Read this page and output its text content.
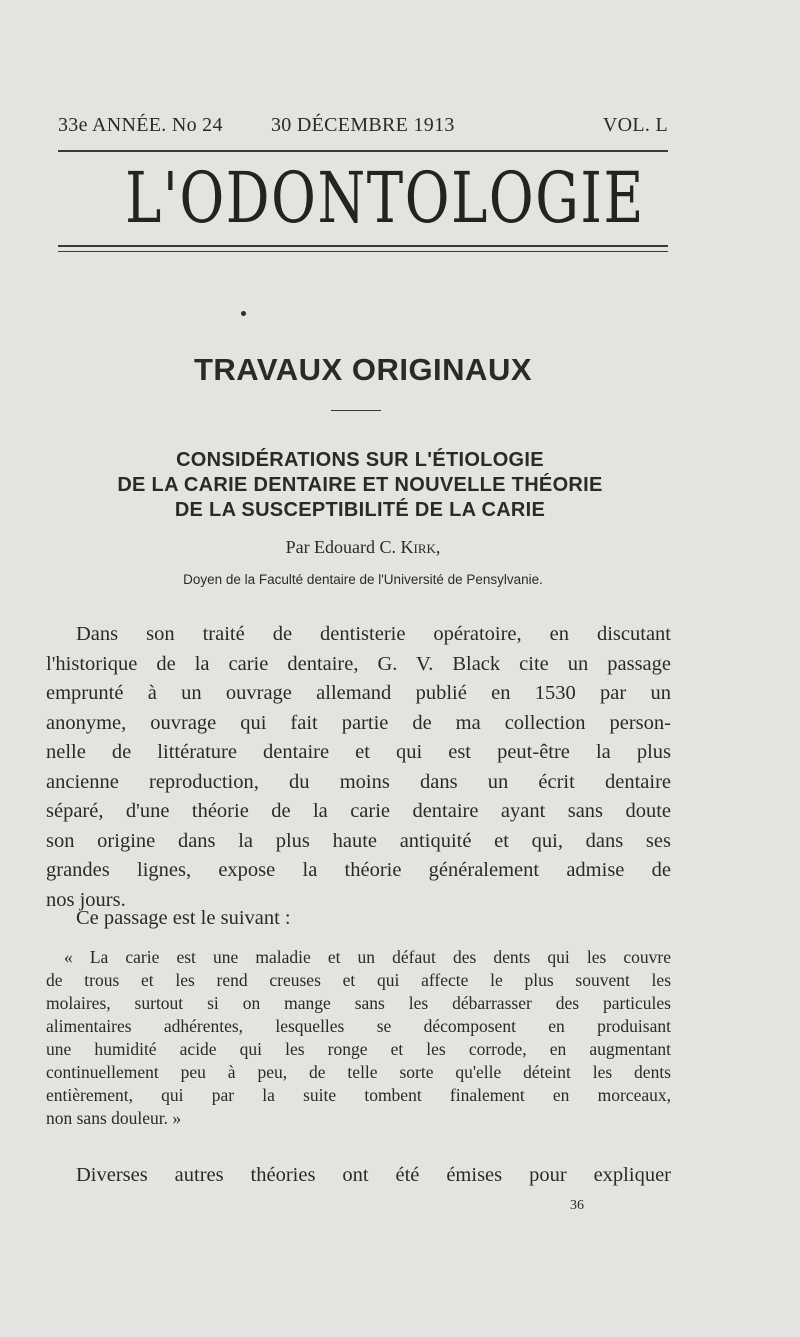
33e ANNÉE. No 24 30 DÉCEMBRE 1913	VOL. L
L'ODONTOLOGIE
TRAVAUX ORIGINAUX
CONSIDÉRATIONS SUR L'ÉTIOLOGIE
DE LA CARIE DENTAIRE ET NOUVELLE THÉORIE
DE LA SUSCEPTIBILITÉ DE LA CARIE
Par Edouard C. Kirk,
Doyen de la Faculté dentaire de l'Université de Pensylvanie.
Dans son traité de dentisterie opératoire, en discutant
l'historique de la carie dentaire, G. V. Black cite un passage
emprunté à un ouvrage allemand publié en 1530 par un
anonyme, ouvrage qui fait partie de ma collection person-
nelle de littérature dentaire et qui est peut-être la plus
ancienne reproduction, du moins dans un écrit dentaire
séparé, d'une théorie de la carie dentaire ayant sans doute
son origine dans la plus haute antiquité et qui, dans ses
grandes lignes, expose la théorie généralement admise de
nos jours.
Ce passage est le suivant :
« La carie est une maladie et un défaut des dents qui les couvre
de trous et les rend creuses et qui affecte le plus souvent les
molaires, surtout si on mange sans les débarrasser des particules
alimentaires adhérentes, lesquelles se décomposent en produisant
une humidité acide qui les ronge et les corrode, en augmentant
continuellement peu à peu, de telle sorte qu'elle déteint les dents
entièrement, qui par la suite tombent finalement en morceaux,
non sans douleur. »
Diverses autres théories ont été émises pour expliquer
36
